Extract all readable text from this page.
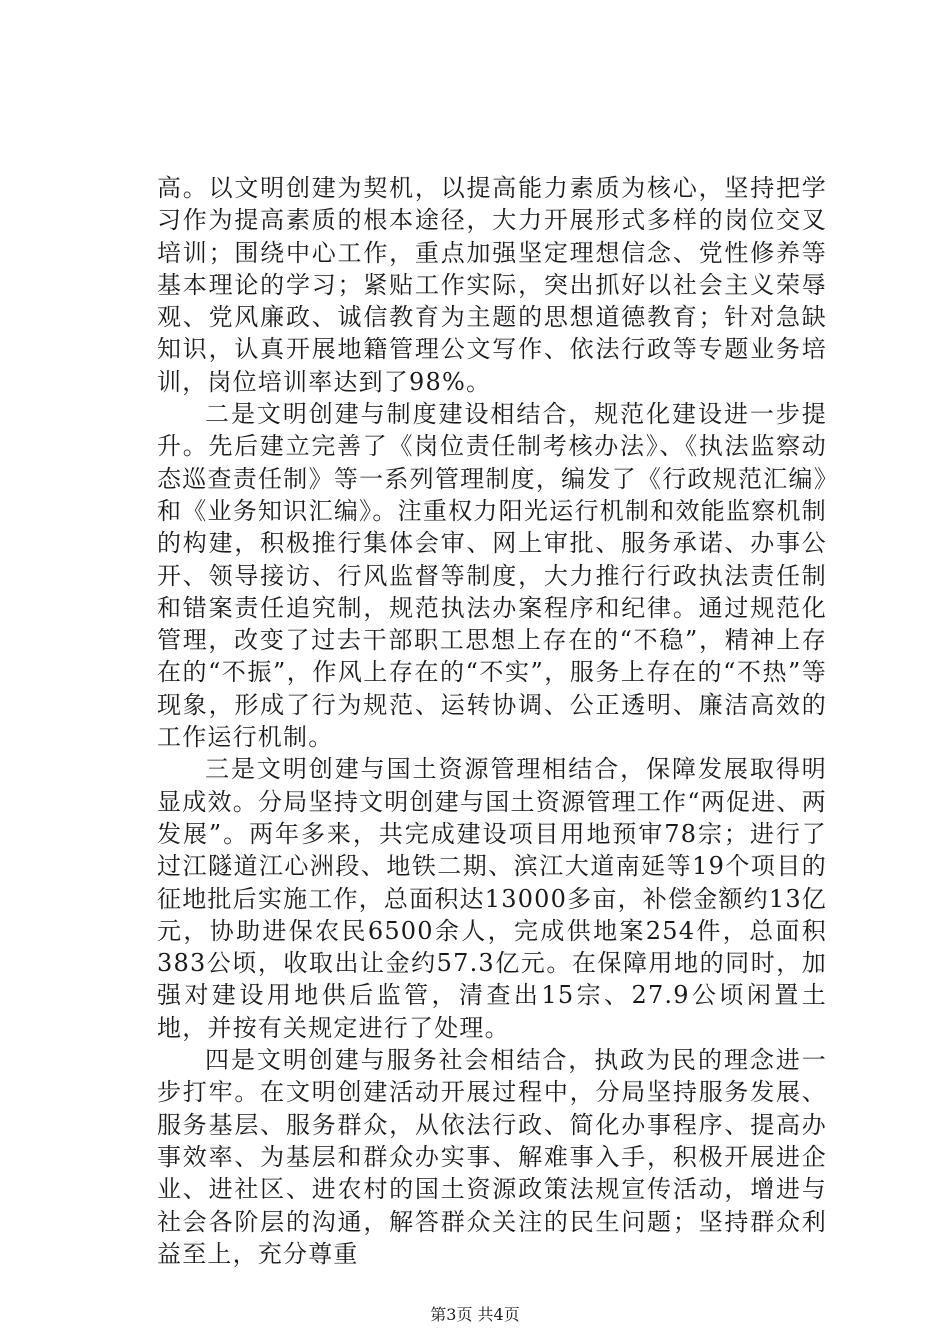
高。以文明创建为契机，以提高能力素质为核心，坚持把学习作为提高素质的根本途径，大力开展形式多样的岗位交叉培训；围绕中心工作，重点加强坚定理想信念、党性修养等基本理论的学习；紧贴工作实际，突出抓好以社会主义荣辱观、党风廉政、诚信教育为主题的思想道德教育；针对急缺知识，认真开展地籍管理公文写作、依法行政等专题业务培训，岗位培训率达到了98%。

二是文明创建与制度建设相结合，规范化建设进一步提升。先后建立完善了《岗位责任制考核办法》、《执法监察动态巡查责任制》等一系列管理制度，编发了《行政规范汇编》和《业务知识汇编》。注重权力阳光运行机制和效能监察机制的构建，积极推行集体会审、网上审批、服务承诺、办事公开、领导接访、行风监督等制度，大力推行行政执法责任制和错案责任追究制，规范执法办案程序和纪律。通过规范化管理，改变了过去干部职工思想上存在的“不稳”，精神上存在的“不振”，作风上存在的“不实”，服务上存在的“不热”等现象，形成了行为规范、运转协调、公正透明、廉洁高效的工作运行机制。

三是文明创建与国土资源管理相结合，保障发展取得明显成效。分局坚持文明创建与国土资源管理工作“两促进、两发展”。两年多来，共完成建设项目用地预审78宗；进行了过江隧道江心洲段、地铁二期、滨江大道南延等19个项目的征地批后实施工作，总面积达13000多亩，补偿金额约13亿元，协助进保农民6500余人，完成供地案254件，总面积383公顷，收取出让金约57.3亿元。在保障用地的同时，加强对建设用地供后监管，清查出15宗、27.9公顷闲置土地，并按有关规定进行了处理。

四是文明创建与服务社会相结合，执政为民的理念进一步打牢。在文明创建活动开展过程中，分局坚持服务发展、服务基层、服务群众，从依法行政、简化办事程序、提高办事效率、为基层和群众办实事、解难事入手，积极开展进企业、进社区、进农村的国土资源政策法规宣传活动，增进与社会各阶层的沟通，解答群众关注的民生问题；坚持群众利益至上，充分尊重

第3页 共4页
